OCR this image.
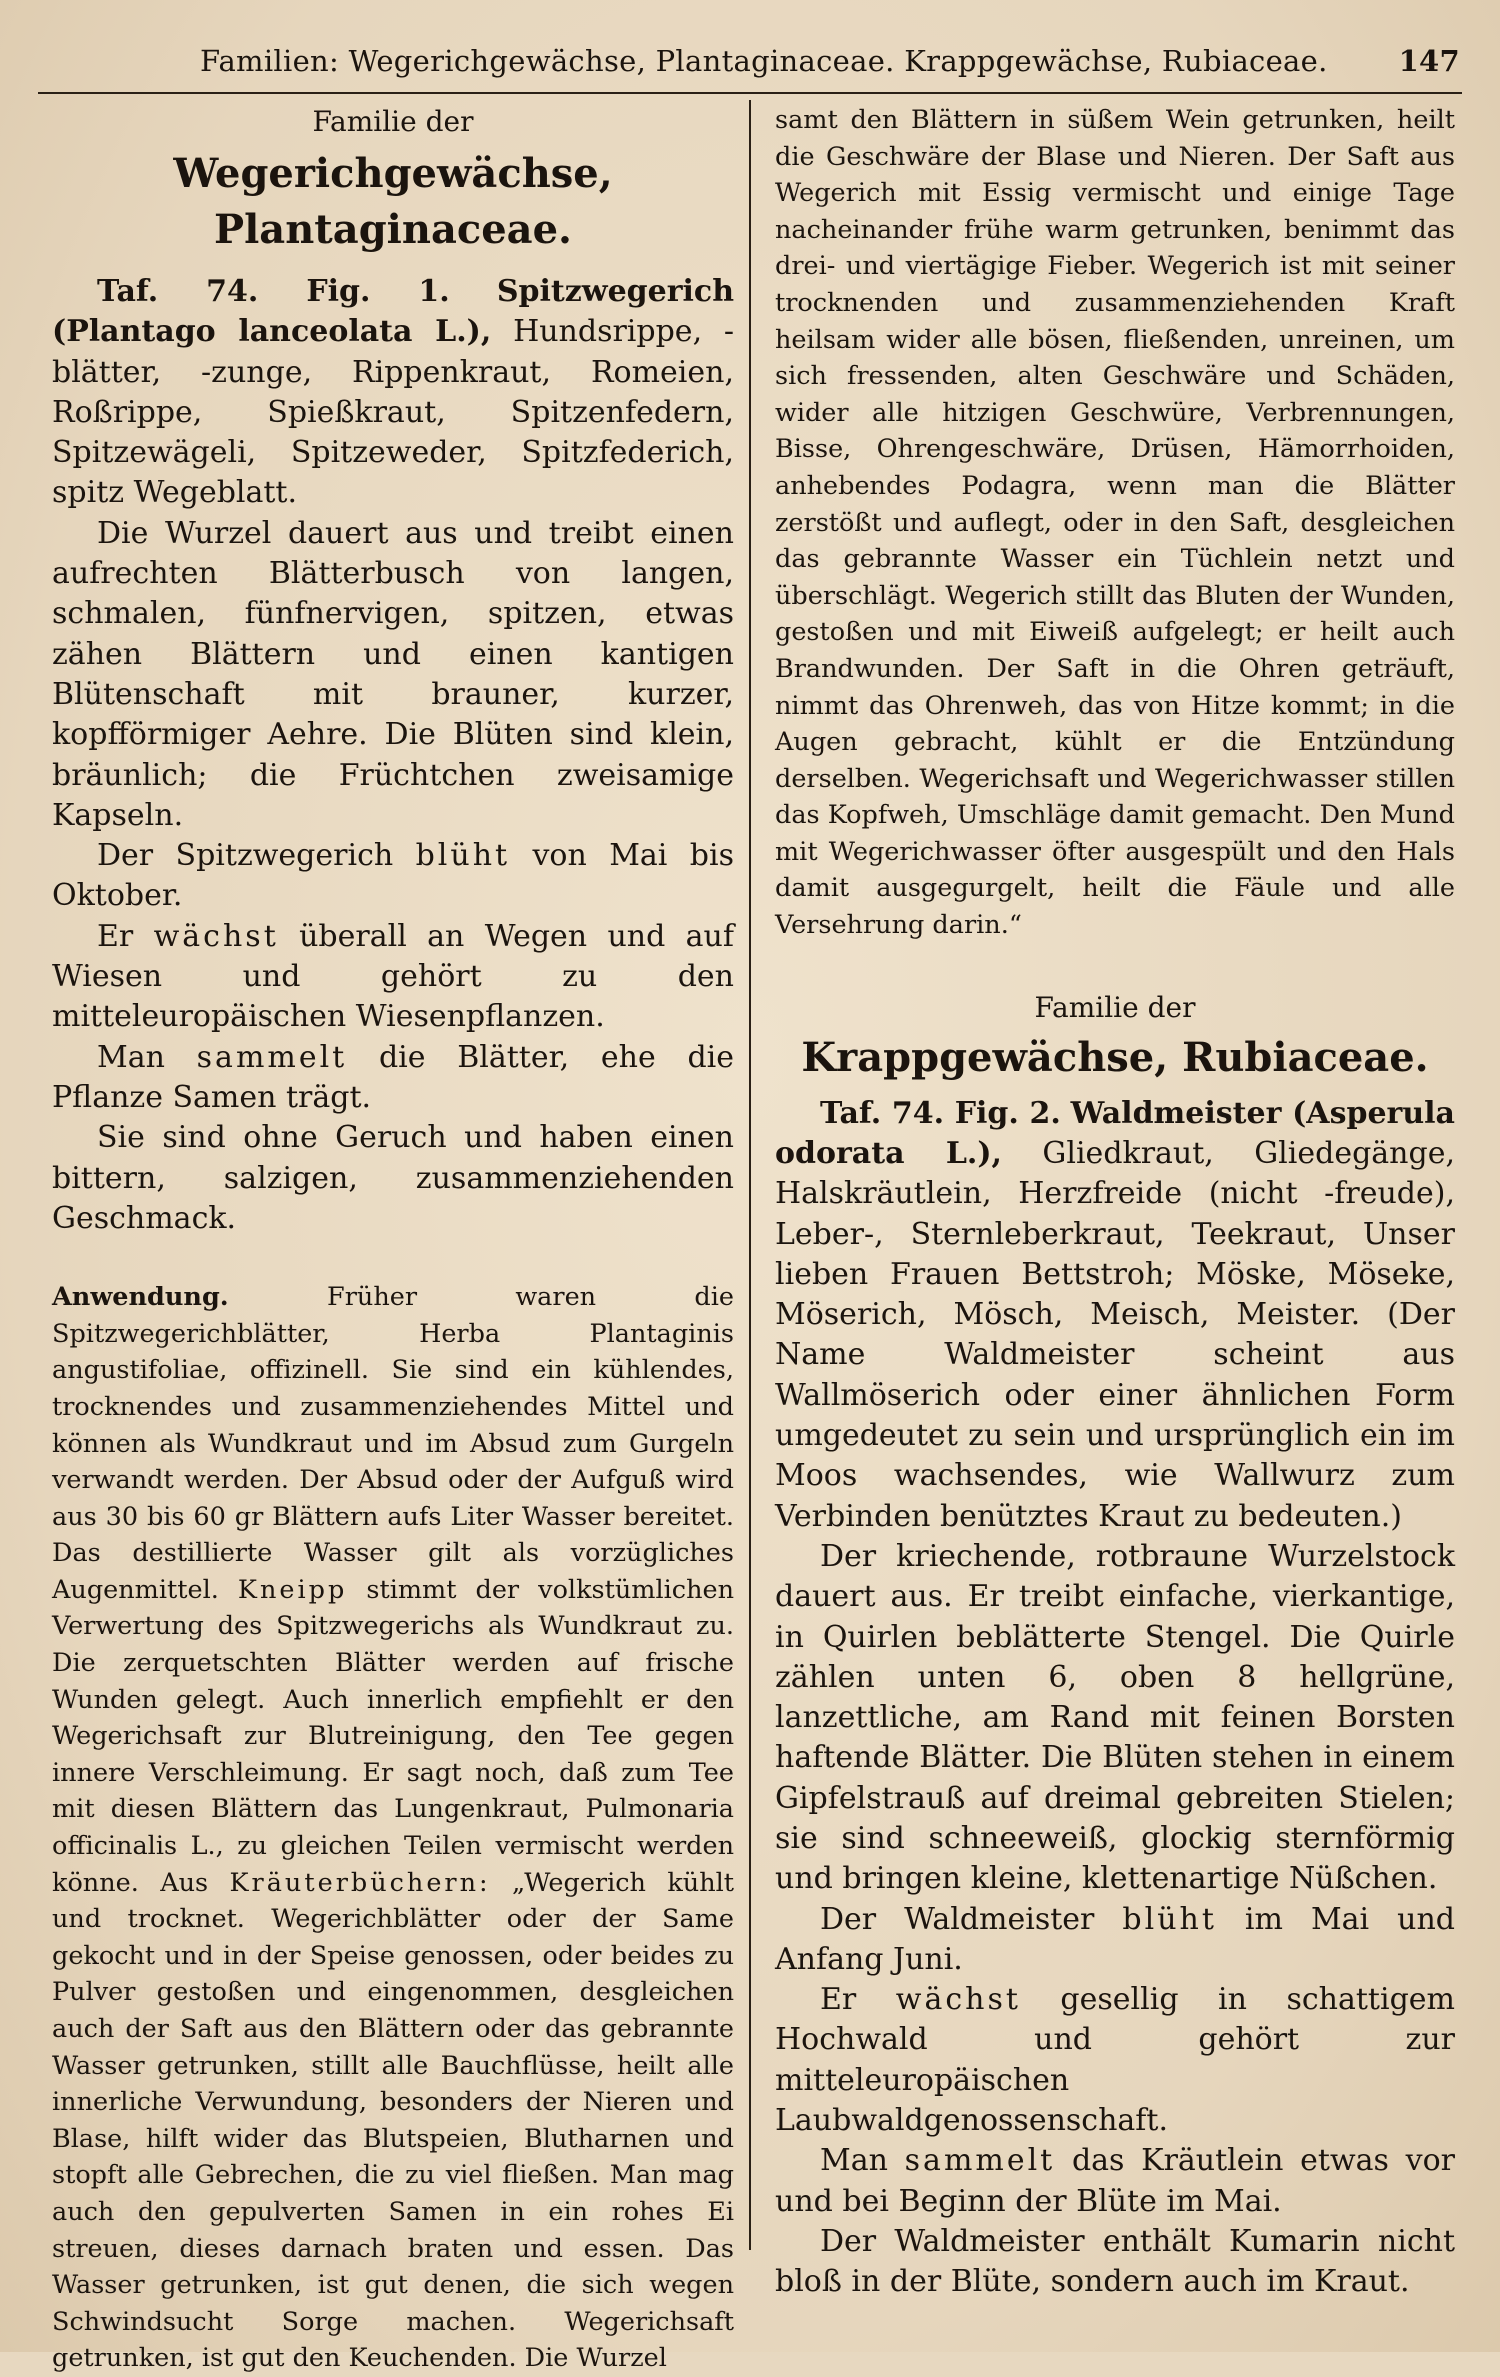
Familien: Wegerichgewächse, Plantaginaceae. Krappgewächse, Rubiaceae. 147
Familie der
Wegerichgewächse, Plantaginaceae.

Taf. 74. Fig. 1. Spitzwegerich (Plantago lanceolata L.), Hundsrippe, -blätter, -zunge, Rippenkraut, Romeien, Roßrippe, Spießkraut, Spitzenfedern, Spitzewägeli, Spitzeweder, Spitzfederich, spitz Wegeblatt.

Die Wurzel dauert aus und treibt einen aufrechten Blätterbusch von langen, schmalen, fünfnervigen, spitzen, etwas zähen Blättern und einen kantigen Blütenschaft mit brauner, kurzer, kopfförmiger Aehre. Die Blüten sind klein, bräunlich; die Früchtchen zweisamige Kapseln.

Der Spitzwegerich blüht von Mai bis Oktober.

Er wächst überall an Wegen und auf Wiesen und gehört zu den mitteleuropäischen Wiesenpflanzen.

Man sammelt die Blätter, ehe die Pflanze Samen trägt.

Sie sind ohne Geruch und haben einen bittern, salzigen, zusammenziehenden Geschmack.

Anwendung.	Früher waren die Spitzwegerichblätter, Herba Plantaginis angustifoliae, offizinell. Sie sind ein kühlendes, trocknendes und zusammenziehendes Mittel und können als Wundkraut und im Absud zum Gurgeln verwandt werden. Der Absud oder der Aufguß wird aus 30 bis 60 gr Blättern aufs Liter Wasser bereitet. Das destillierte Wasser gilt als vorzügliches Augenmittel. Kneipp stimmt der volkstümlichen Verwertung des Spitzwegerichs als Wundkraut zu. Die zerquetschten Blätter werden auf frische Wunden gelegt. Auch innerlich empfiehlt er den Wegerichsaft zur Blutreinigung, den Tee gegen innere Verschleimung. Er sagt noch, daß zum Tee mit diesen Blättern das Lungenkraut, Pulmonaria officinalis L., zu gleichen Teilen vermischt werden könne. Aus Kräuterbüchern: „Wegerich kühlt und trocknet. Wegerichblätter oder der Same gekocht und in der Speise genossen, oder beides zu Pulver gestoßen und eingenommen, desgleichen auch der Saft aus den Blättern oder das gebrannte Wasser getrunken, stillt alle Bauchflüsse, heilt alle innerliche Verwundung, besonders der Nieren und Blase, hilft wider das Blutspeien, Blutharnen und stopft alle Gebrechen, die zu viel fließen. Man mag auch den gepulverten Samen in ein rohes Ei streuen, dieses darnach braten und essen. Das Wasser getrunken, ist gut denen, die sich wegen Schwindsucht Sorge machen. Wegerichsaft getrunken, ist gut den Keuchenden. Die Wurzel

samt den Blättern in süßem Wein getrunken, heilt die Geschwäre der Blase und Nieren. Der Saft aus Wegerich mit Essig vermischt und einige Tage nacheinander frühe warm getrunken, benimmt das drei- und viertägige Fieber. Wegerich ist mit seiner trocknenden und zusammenziehenden Kraft heilsam wider alle bösen, fließenden, unreinen, um sich fressenden, alten Geschwäre und Schäden, wider alle hitzigen Geschwüre, Verbrennungen, Bisse, Ohrengeschwäre, Drüsen, Hämorrhoiden, anhebendes Podagra, wenn man die Blätter zerstößt und auflegt, oder in den Saft, desgleichen das gebrannte Wasser ein Tüchlein netzt und überschlägt. Wegerich stillt das Bluten der Wunden, gestoßen und mit Eiweiß aufgelegt; er heilt auch Brandwunden. Der Saft in die Ohren geträuft, nimmt das Ohrenweh, das von Hitze kommt; in die Augen gebracht, kühlt er die Entzündung derselben. Wegerichsaft und Wegerichwasser stillen das Kopfweh, Umschläge damit gemacht. Den Mund mit Wegerichwasser öfter ausgespült und den Hals damit ausgegurgelt, heilt die Fäule und alle Versehrung darin.“

Familie der
Krappgewächse, Rubiaceae.

Taf. 74. Fig. 2. Waldmeister (Asperula odorata L.), Gliedkraut, Gliedegänge, Halskräutlein, Herzfreide (nicht -freude), Leber-, Sternleberkraut, Teekraut, Unser lieben Frauen Bettstroh; Möske, Möseke, Möserich, Mösch, Meisch, Meister. (Der Name Waldmeister scheint aus Wallmöserich oder einer ähnlichen Form umgedeutet zu sein und ursprünglich ein im Moos wachsendes, wie Wallwurz zum Verbinden benütztes Kraut zu bedeuten.)

Der kriechende, rotbraune Wurzelstock dauert aus. Er treibt einfache, vierkantige, in Quirlen beblätterte Stengel. Die Quirle zählen unten 6, oben 8 hellgrüne, lanzettliche, am Rand mit feinen Borsten haftende Blätter. Die Blüten stehen in einem Gipfelstrauß auf dreimal gebreiten Stielen; sie sind schneeweiß, glockig sternförmig und bringen kleine, klettenartige Nüßchen.

Der Waldmeister blüht im Mai und Anfang Juni.

Er wächst gesellig in schattigem Hochwald und gehört zur mitteleuropäischen Laubwaldgenossenschaft.

Man sammelt das Kräutlein etwas vor und bei Beginn der Blüte im Mai.

Der Waldmeister enthält Kumarin nicht bloß in der Blüte, sondern auch im Kraut.
